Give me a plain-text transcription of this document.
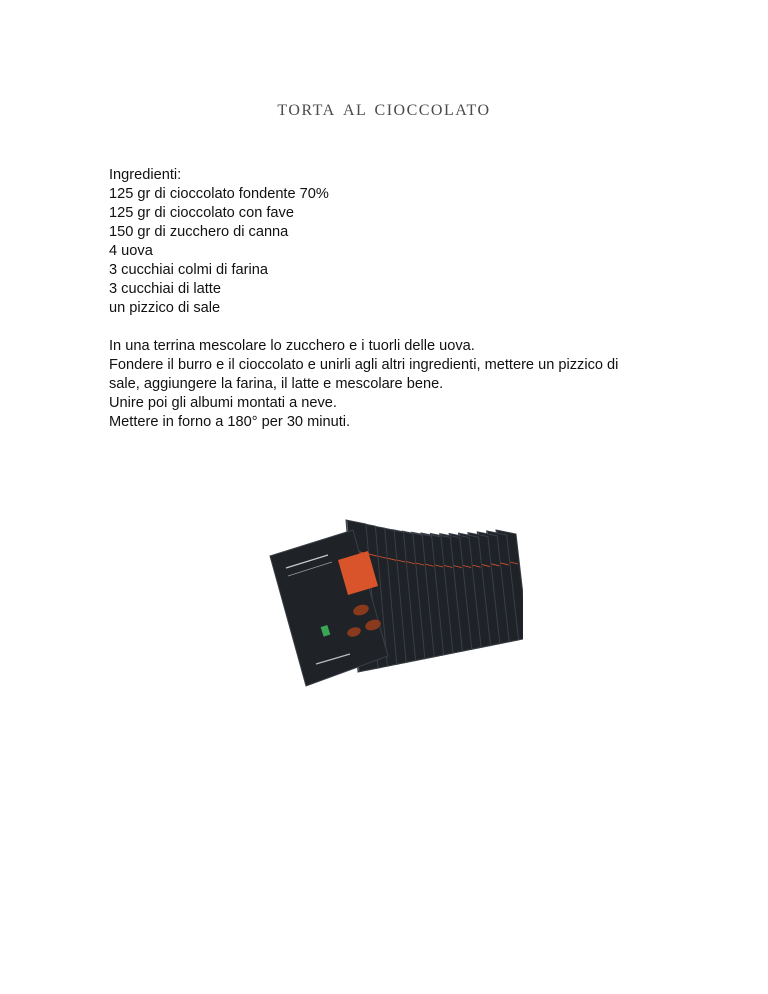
torta al cioccolato
Ingredienti:
125 gr di cioccolato fondente 70%
125 gr di cioccolato con fave
150 gr di zucchero di canna
4 uova
3 cucchiai colmi di farina
3 cucchiai di latte
un pizzico di sale
In una terrina mescolare lo zucchero e i tuorli delle uova.
Fondere il burro e il cioccolato e unirli agli altri ingredienti, mettere un pizzico di
sale, aggiungere la farina, il latte e mescolare bene.
Unire poi gli albumi montati a neve.
Mettere in forno a 180° per 30 minuti.
